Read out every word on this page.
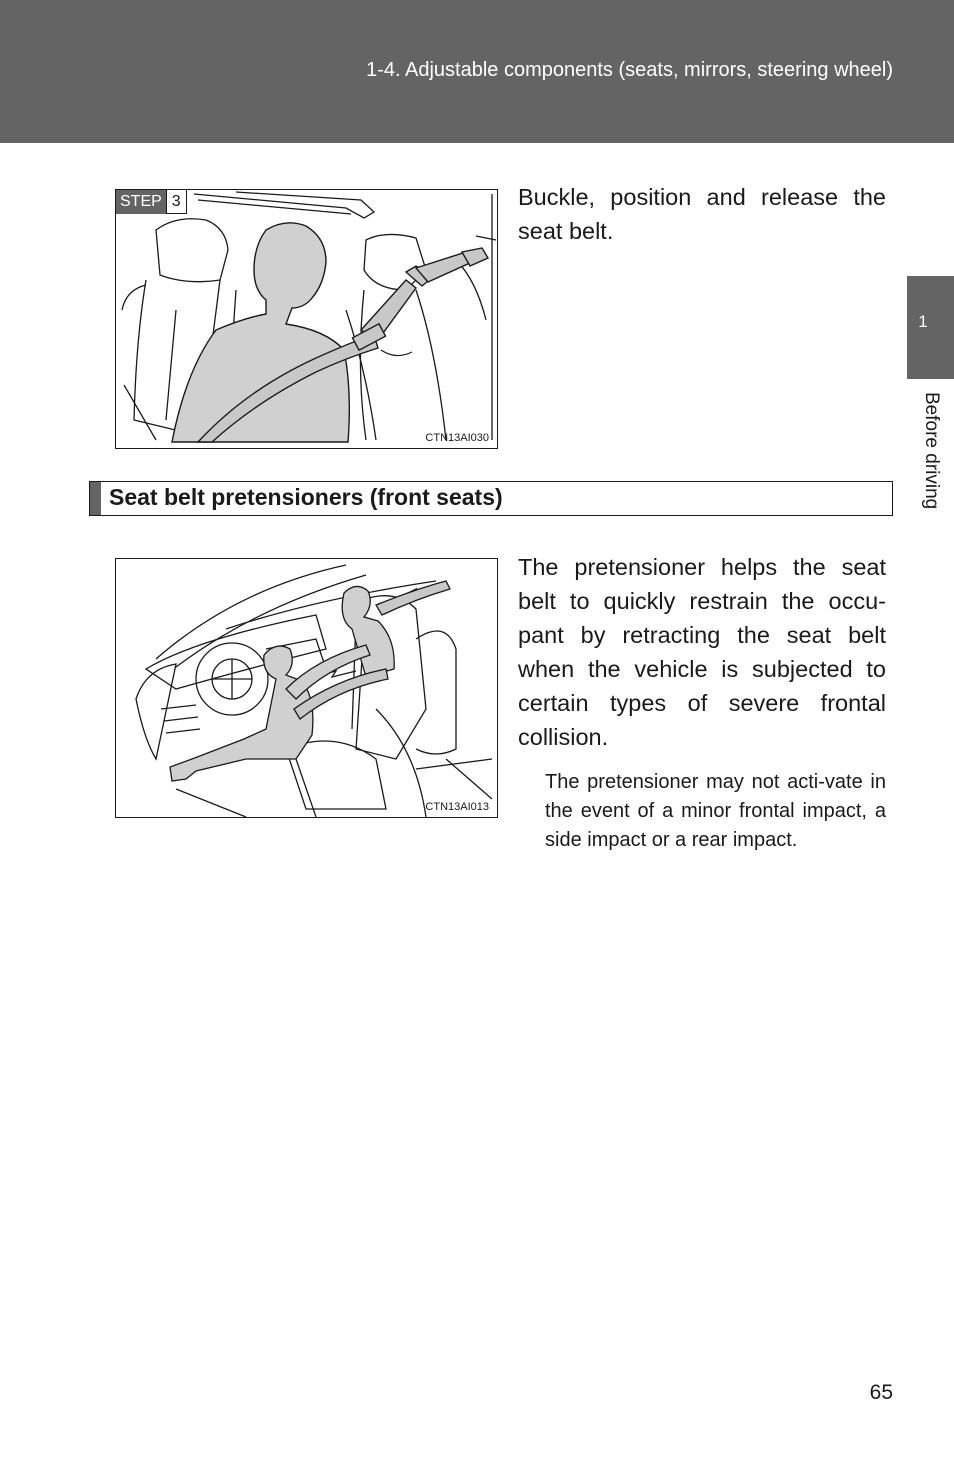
1-4. Adjustable components (seats, mirrors, steering wheel)
1
Before driving
STEP 3
CTN13AI030
Buckle, position and release the seat belt.
Seat belt pretensioners (front seats)
CTN13AI013
The pretensioner helps the seat belt to quickly restrain the occu-pant by retracting the seat belt when the vehicle is subjected to certain types of severe frontal collision.
The pretensioner may not acti-vate in the event of a minor frontal impact, a side impact or a rear impact.
65
